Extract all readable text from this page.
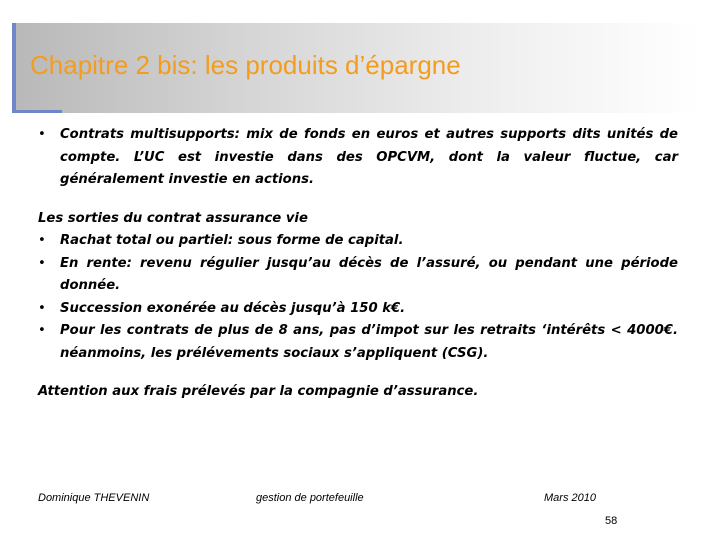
Chapitre 2 bis: les produits d’épargne
• Contrats multisupports: mix de fonds en euros et autres supports dits unités de compte. L’UC est investie dans des OPCVM, dont la valeur fluctue, car généralement investie en actions.

Les sorties du contrat assurance vie

• Rachat total ou partiel: sous forme de capital.
• En rente: revenu régulier jusqu’au décès de l’assuré, ou pendant une période donnée.
• Succession exonérée au décès jusqu’à 150 k€.
• Pour les contrats de plus de 8 ans, pas d’impot sur les retraits ‘intérêts < 4000€. néanmoins, les prélévements sociaux s’appliquent (CSG).

Attention aux frais prélevés par la compagnie d’assurance.

Dominique THEVENIN	gestion de portefeuille	Mars 2010
58
